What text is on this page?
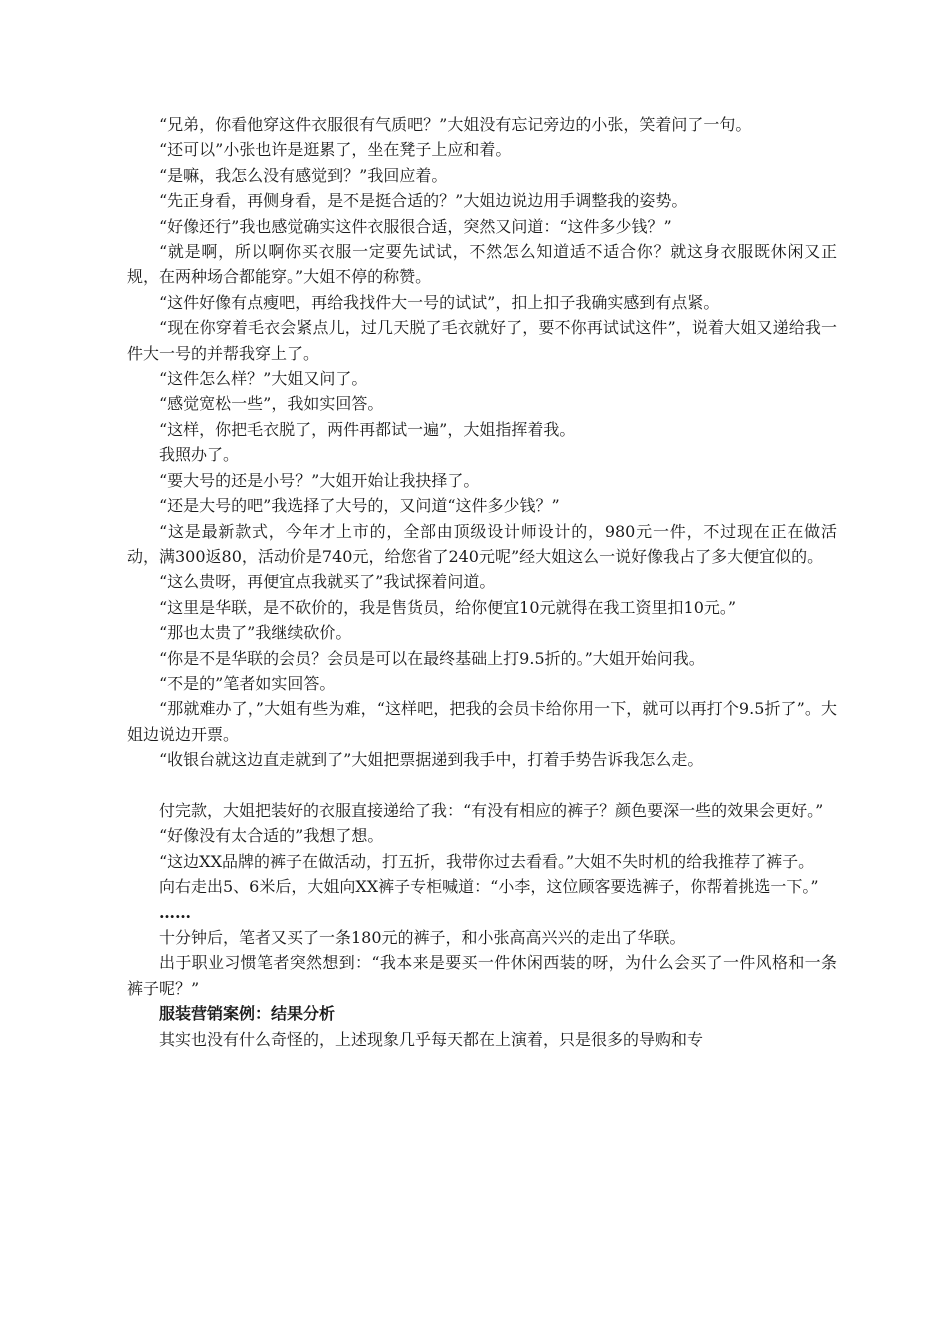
“兄弟，你看他穿这件衣服很有气质吧？”大姐没有忘记旁边的小张，笑着问了一句。

“还可以”小张也许是逛累了，坐在凳子上应和着。

“是嘛，我怎么没有感觉到？”我回应着。

“先正身看，再侧身看，是不是挺合适的？”大姐边说边用手调整我的姿势。

“好像还行”我也感觉确实这件衣服很合适，突然又问道：“这件多少钱？”

“就是啊，所以啊你买衣服一定要先试试，不然怎么知道适不适合你？就这身衣服既休闲又正规，在两种场合都能穿。”大姐不停的称赞。

“这件好像有点瘦吧，再给我找件大一号的试试”，扣上扣子我确实感到有点紧。

“现在你穿着毛衣会紧点儿，过几天脱了毛衣就好了，要不你再试试这件”，说着大姐又递给我一件大一号的并帮我穿上了。

“这件怎么样？”大姐又问了。

“感觉宽松一些”，我如实回答。

“这样，你把毛衣脱了，两件再都试一遍”，大姐指挥着我。

我照办了。

“要大号的还是小号？”大姐开始让我抉择了。

“还是大号的吧”我选择了大号的，又问道“这件多少钱？”

“这是最新款式，今年才上市的，全部由顶级设计师设计的，980元一件，不过现在正在做活动，满300返80，活动价是740元，给您省了240元呢”经大姐这么一说好像我占了多大便宜似的。

“这么贵呀，再便宜点我就买了”我试探着问道。

“这里是华联，是不砍价的，我是售货员，给你便宜10元就得在我工资里扣10元。”

“那也太贵了”我继续砍价。

“你是不是华联的会员？会员是可以在最终基础上打9.5折的。”大姐开始问我。

“不是的”笔者如实回答。

“那就难办了，”大姐有些为难，“这样吧，把我的会员卡给你用一下，就可以再打个9.5折了”。大姐边说边开票。

“收银台就这边直走就到了”大姐把票据递到我手中，打着手势告诉我怎么走。

付完款，大姐把装好的衣服直接递给了我：“有没有相应的裤子？颜色要深一些的效果会更好。”

“好像没有太合适的”我想了想。

“这边XX品牌的裤子在做活动，打五折，我带你过去看看。”大姐不失时机的给我推荐了裤子。

向右走出5、6米后，大姐向XX裤子专柜喊道：“小李，这位顾客要选裤子，你帮着挑选一下。”

……

十分钟后，笔者又买了一条180元的裤子，和小张高高兴兴的走出了华联。

出于职业习惯笔者突然想到：“我本来是要买一件休闲西装的呀，为什么会买了一件风格和一条裤子呢？”

服装营销案例：结果分析

其实也没有什么奇怪的，上述现象几乎每天都在上演着，只是很多的导购和专
